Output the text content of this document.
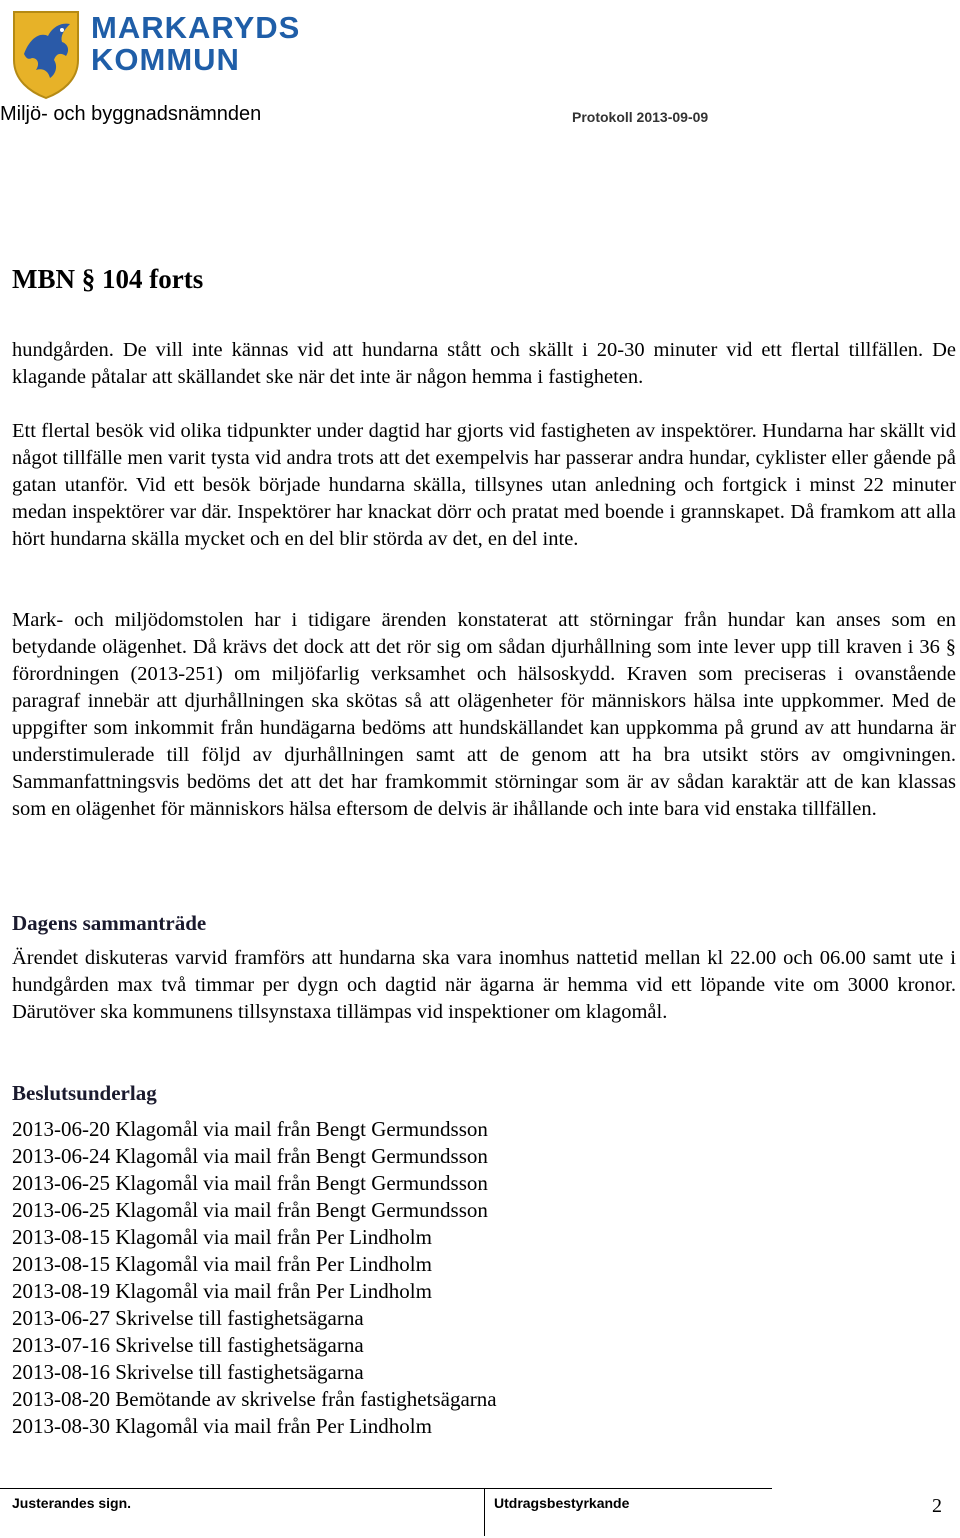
MARKARYDS
KOMMUN
Miljö- och byggnadsnämnden	Protokoll 2013-09-09
MBN § 104 forts
hundgården. De vill inte kännas vid att hundarna stått och skällt i 20-30 minuter vid ett flertal tillfällen. De klagande påtalar att skällandet ske när det inte är någon hemma i fastigheten.
Ett flertal besök vid olika tidpunkter under dagtid har gjorts vid fastigheten av inspektörer. Hundarna har skällt vid något tillfälle men varit tysta vid andra trots att det exempelvis har passerar andra hundar, cyklister eller gående på gatan utanför. Vid ett besök började hundarna skälla, tillsynes utan anledning och fortgick i minst 22 minuter medan inspektörer var där. Inspektörer har knackat dörr och pratat med boende i grannskapet. Då framkom att alla hört hundarna skälla mycket och en del blir störda av det, en del inte.
Mark- och miljödomstolen har i tidigare ärenden konstaterat att störningar från hundar kan anses som en betydande olägenhet. Då krävs det dock att det rör sig om sådan djurhållning som inte lever upp till kraven i 36 § förordningen (2013-251) om miljöfarlig verksamhet och hälsoskydd. Kraven som preciseras i ovanstående paragraf innebär att djurhållningen ska skötas så att olägenheter för människors hälsa inte uppkommer. Med de uppgifter som inkommit från hundägarna bedöms att hundskällandet kan uppkomma på grund av att hundarna är understimulerade till följd av djurhållningen samt att de genom att ha bra utsikt störs av omgivningen. Sammanfattningsvis bedöms det att det har framkommit störningar som är av sådan karaktär att de kan klassas som en olägenhet för människors hälsa eftersom de delvis är ihållande och inte bara vid enstaka tillfällen.
Dagens sammanträde
Ärendet diskuteras varvid framförs att hundarna ska vara inomhus nattetid mellan kl 22.00 och 06.00 samt ute i hundgården max två timmar per dygn och dagtid när ägarna är hemma vid ett löpande vite om 3000 kronor. Därutöver ska kommunens tillsynstaxa tillämpas vid inspektioner om klagomål.
Beslutsunderlag
2013-06-20 Klagomål via mail från Bengt Germundsson
2013-06-24 Klagomål via mail från Bengt Germundsson
2013-06-25 Klagomål via mail från Bengt Germundsson
2013-06-25 Klagomål via mail från Bengt Germundsson
2013-08-15 Klagomål via mail från Per Lindholm
2013-08-15 Klagomål via mail från Per Lindholm
2013-08-19 Klagomål via mail från Per Lindholm
2013-06-27 Skrivelse till fastighetsägarna
2013-07-16 Skrivelse till fastighetsägarna
2013-08-16 Skrivelse till fastighetsägarna
2013-08-20 Bemötande av skrivelse från fastighetsägarna
2013-08-30 Klagomål via mail från Per Lindholm
Justerandes sign.	Utdragsbestyrkande	2
